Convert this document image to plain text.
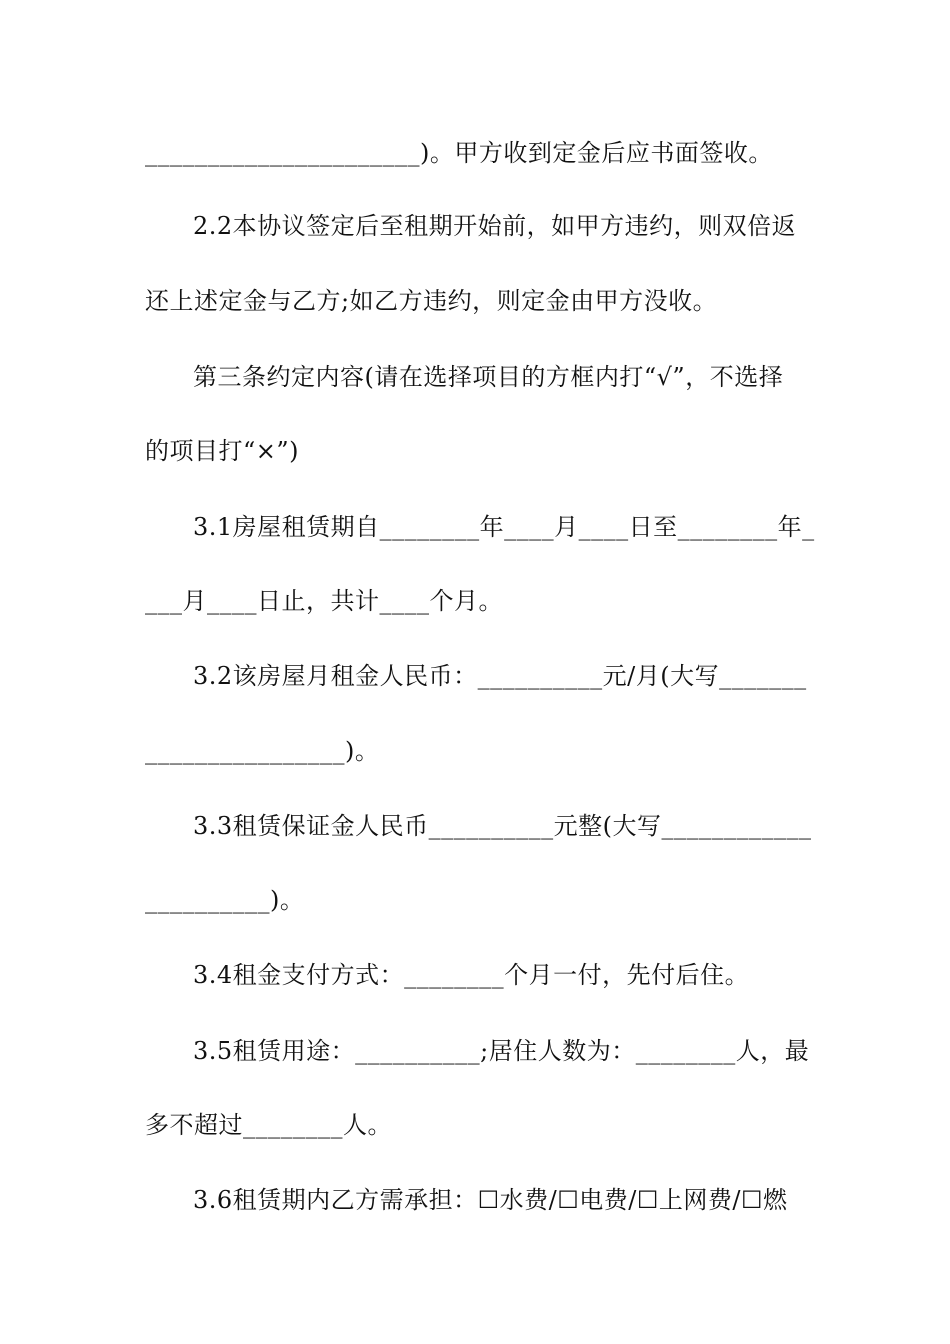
______________________)。甲方收到定金后应书面签收。
2.2本协议签定后至租期开始前，如甲方违约，则双倍返
还上述定金与乙方;如乙方违约，则定金由甲方没收。
第三条约定内容(请在选择项目的方框内打“√”，不选择
的项目打“×”)
3.1房屋租赁期自________年____月____日至________年_
___月____日止，共计____个月。
3.2该房屋月租金人民币：__________元/月(大写_______
________________)。
3.3租赁保证金人民币__________元整(大写____________
__________)。
3.4租金支付方式：________个月一付，先付后住。
3.5租赁用途：__________;居住人数为：________人，最
多不超过________人。
3.6租赁期内乙方需承担：☐水费/☐电费/☐上网费/☐燃
